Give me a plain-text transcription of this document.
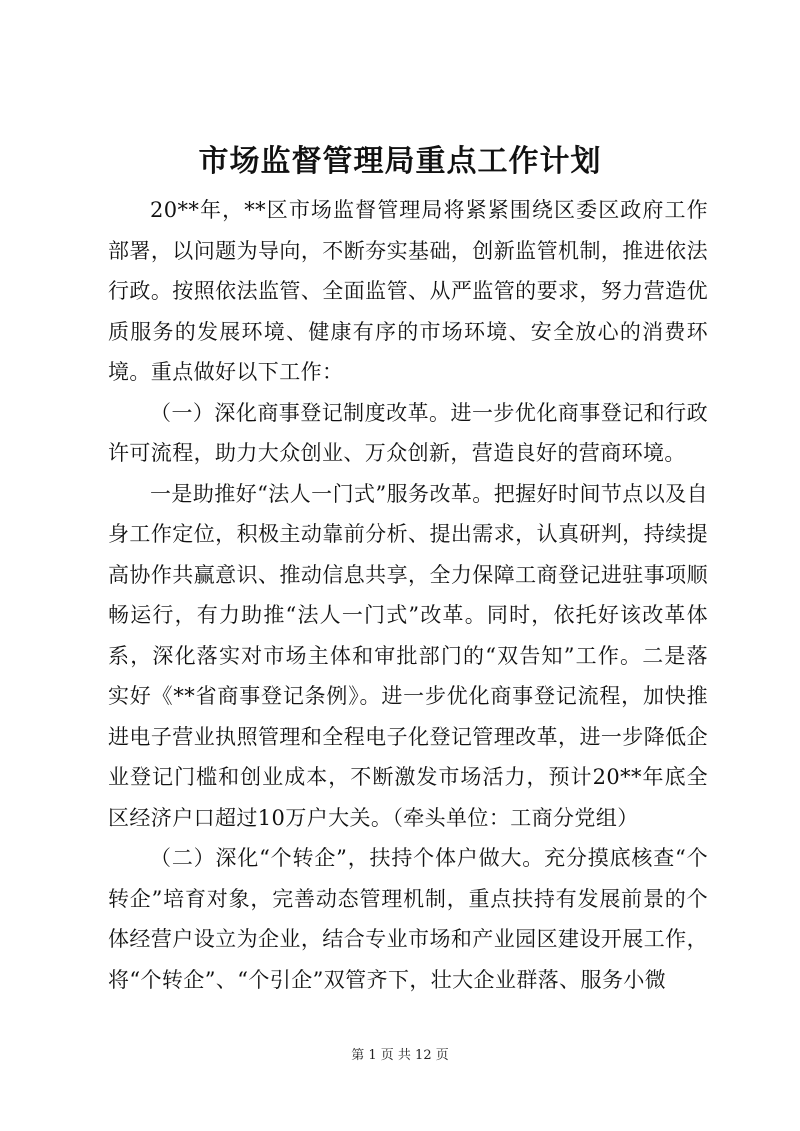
市场监督管理局重点工作计划

20**年，**区市场监督管理局将紧紧围绕区委区政府工作部署，以问题为导向，不断夯实基础，创新监管机制，推进依法行政。按照依法监管、全面监管、从严监管的要求，努力营造优质服务的发展环境、健康有序的市场环境、安全放心的消费环境。重点做好以下工作：

（一）深化商事登记制度改革。进一步优化商事登记和行政许可流程，助力大众创业、万众创新，营造良好的营商环境。

一是助推好“法人一门式”服务改革。把握好时间节点以及自身工作定位，积极主动靠前分析、提出需求，认真研判，持续提高协作共赢意识、推动信息共享，全力保障工商登记进驻事项顺畅运行，有力助推“法人一门式”改革。同时，依托好该改革体系，深化落实对市场主体和审批部门的“双告知”工作。二是落实好《**省商事登记条例》。进一步优化商事登记流程，加快推进电子营业执照管理和全程电子化登记管理改革，进一步降低企业登记门槛和创业成本，不断激发市场活力，预计20**年底全区经济户口超过10万户大关。（牵头单位：工商分党组）

（二）深化“个转企”，扶持个体户做大。充分摸底核查“个转企”培育对象，完善动态管理机制，重点扶持有发展前景的个体经营户设立为企业，结合专业市场和产业园区建设开展工作，将“个转企”、“个引企”双管齐下，壮大企业群落、服务小微

第 1 页 共 12 页
